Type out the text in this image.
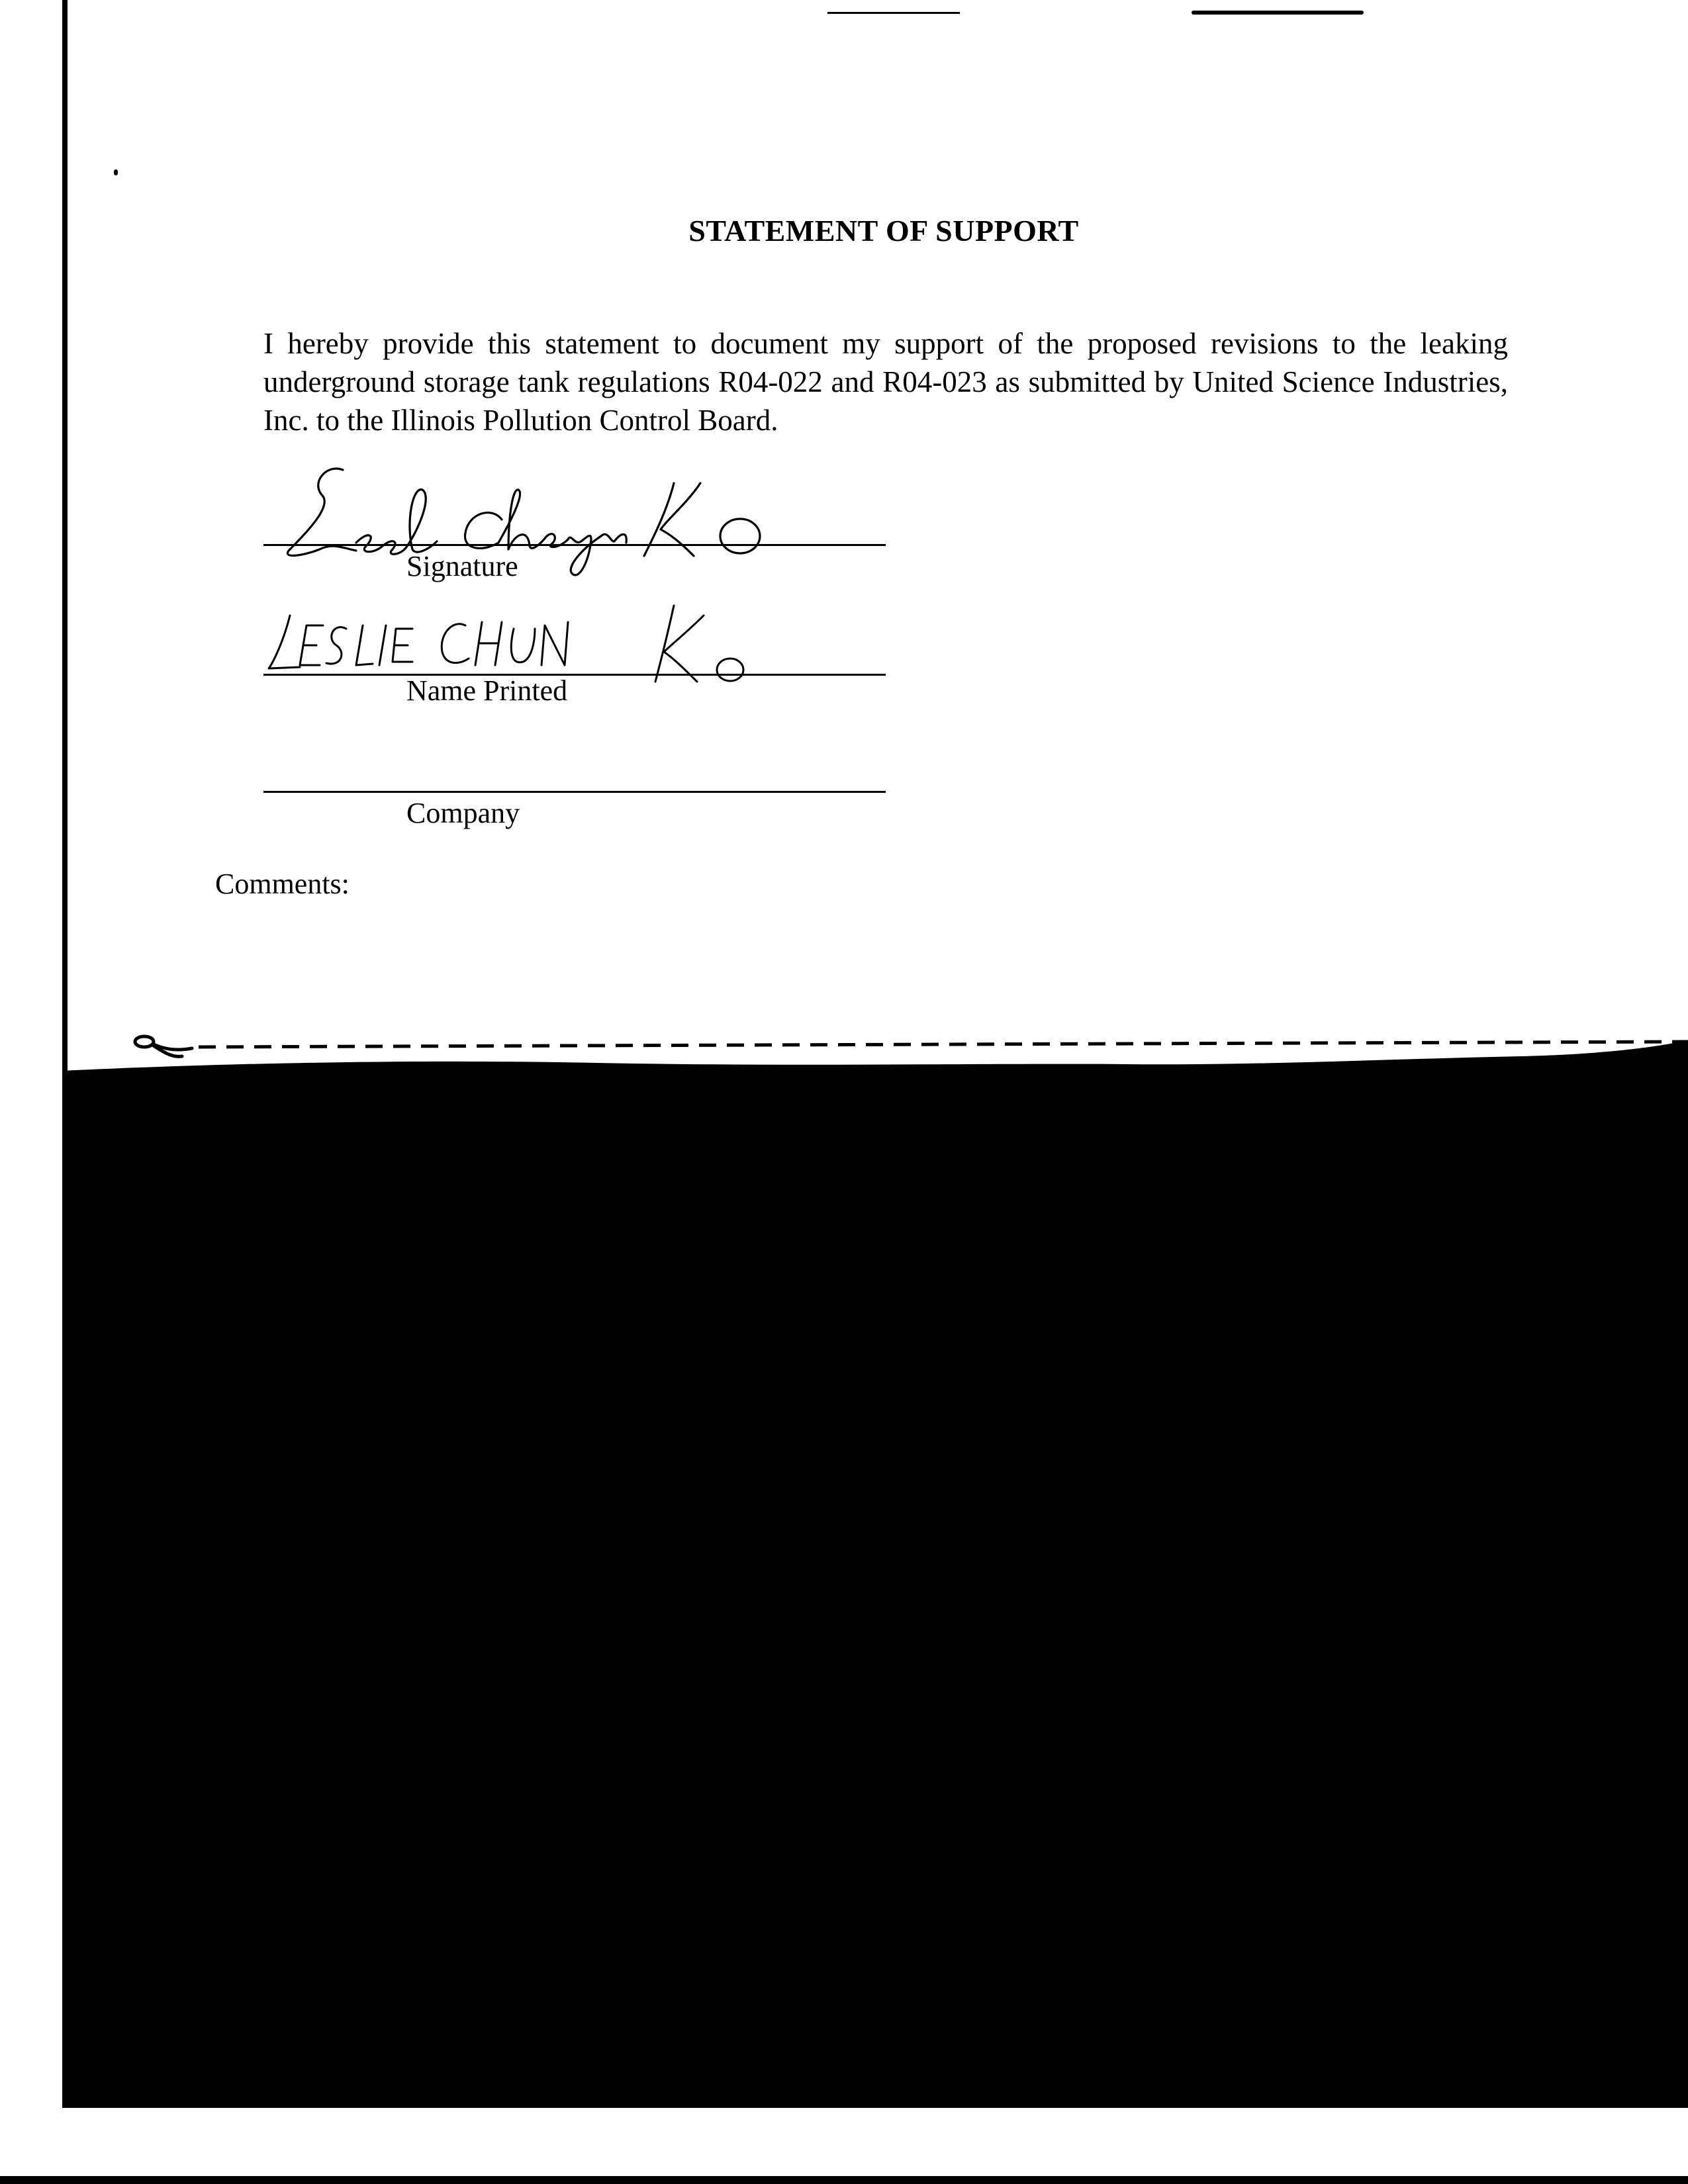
STATEMENT OF SUPPORT
I hereby provide this statement to document my support of the proposed revisions to the leaking underground storage tank regulations R04-022 and R04-023 as submitted by United Science Industries, Inc. to the Illinois Pollution Control Board.
Signature
Name Printed
Company
Comments:
